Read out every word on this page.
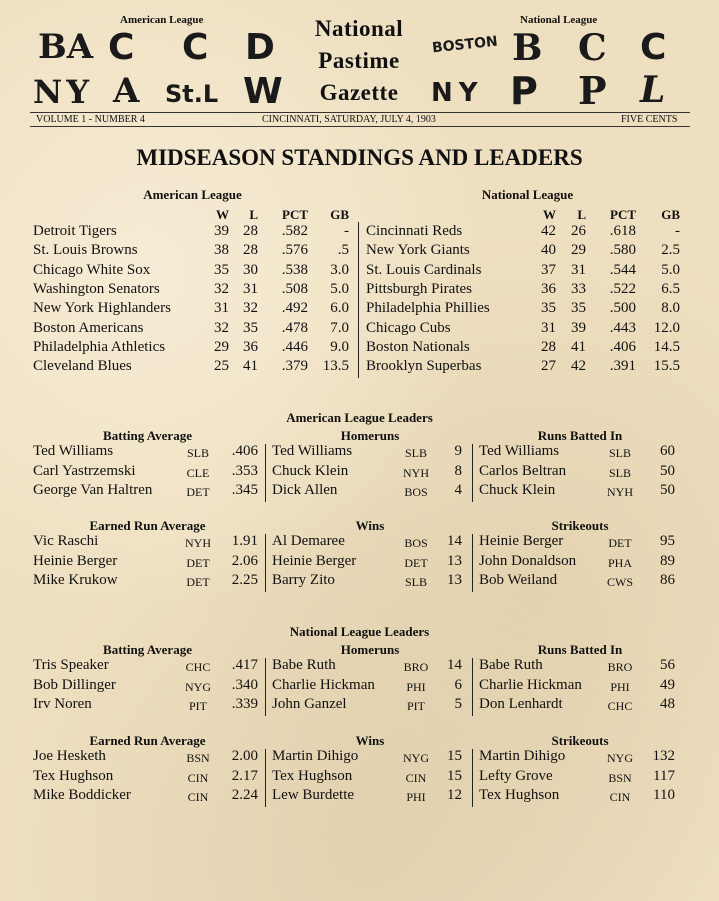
American League	National League
BA C C D
NY A St.L W
National
Pastime
Gazette
BOSTON B C C
NY P P L
VOLUME 1 - NUMBER 4	CINCINNATI, SATURDAY, JULY 4, 1903	FIVE CENTS
MIDSEASON STANDINGS AND LEADERS
American League
W	L	PCT	GB
Detroit Tigers	39 28	.582	-
St. Louis Browns	38 28	.576	.5
Chicago White Sox	35 30	.538	3.0
Washington Senators	32 31	.508	5.0
New York Highlanders	31 32	.492	6.0
Boston Americans	32 35	.478	7.0
Philadelphia Athletics	29 36	.446	9.0
Cleveland Blues	25 41	.379 13.5
National League
W	L	PCT	GB
Cincinnati Reds	42	26	.618	-
New York Giants	40	29	.580	2.5
St. Louis Cardinals	37	31	.544	5.0
Pittsburgh Pirates	36	33	.522	6.5
Philadelphia Phillies	35	35	.500	8.0
Chicago Cubs	31	39	.443	12.0
Boston Nationals	28	41	.406	14.5
Brooklyn Superbas	27	42	.391	15.5
American League Leaders
Batting Average
Ted Williams	SLB	.406
Carl Yastrzemski	CLE	.353
George Van Haltren	DET	.345
Homeruns
Ted Williams	SLB	9
Chuck Klein	NYH	8
Dick Allen	BOS	4
Runs Batted In
Ted Williams	SLB	60
Carlos Beltran	SLB	50
Chuck Klein	NYH	50
Earned Run Average
Vic Raschi	NYH	1.91
Heinie Berger	DET	2.06
Mike Krukow	DET	2.25
Wins
Al Demaree	BOS	14
Heinie Berger	DET	13
Barry Zito	SLB	13
Strikeouts
Heinie Berger	DET	95
John Donaldson	PHA	89
Bob Weiland	CWS	86
National League Leaders
Batting Average
Tris Speaker	CHC	.417
Bob Dillinger	NYG	.340
Irv Noren	PIT	.339
Homeruns
Babe Ruth	BRO	14
Charlie Hickman	PHI	6
John Ganzel	PIT	5
Runs Batted In
Babe Ruth	BRO	56
Charlie Hickman	PHI	49
Don Lenhardt	CHC	48
Earned Run Average
Joe Hesketh	BSN	2.00
Tex Hughson	CIN	2.17
Mike Boddicker	CIN	2.24
Wins
Martin Dihigo	NYG	15
Tex Hughson	CIN	15
Lew Burdette	PHI	12
Strikeouts
Martin Dihigo	NYG	132
Lefty Grove	BSN	117
Tex Hughson	CIN	110
